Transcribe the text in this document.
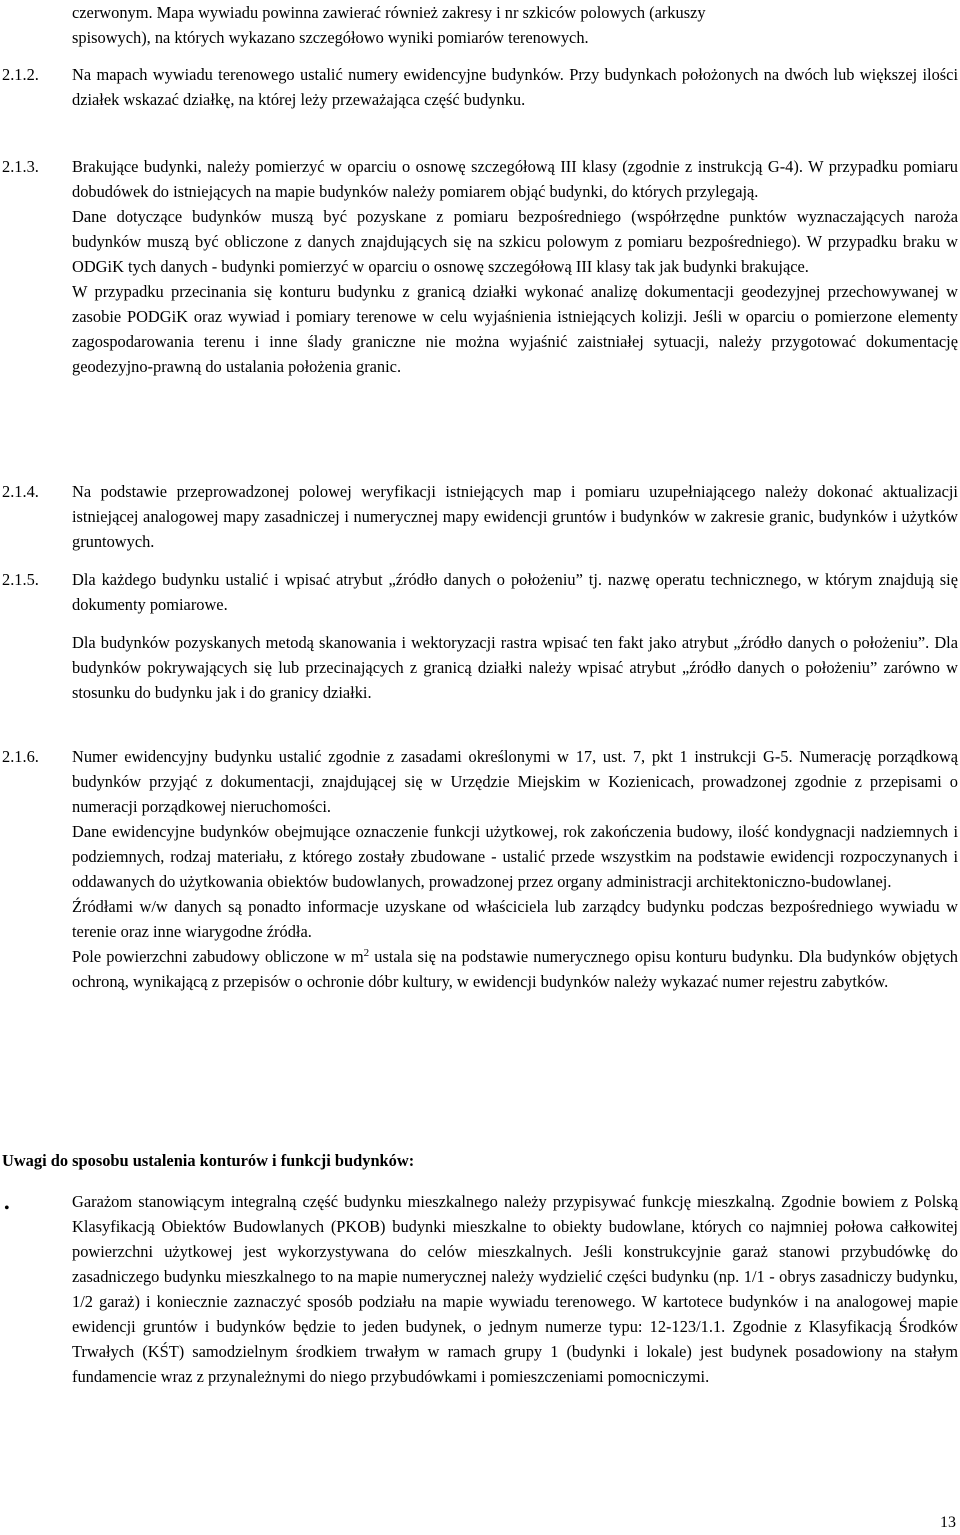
czerwonym. Mapa wywiadu powinna zawierać również zakresy i nr szkiców polowych (arkuszy

spisowych), na których wykazano szczegółowo wyniki pomiarów terenowych.

2.1.2. Na mapach wywiadu terenowego ustalić numery ewidencyjne budynków. Przy budynkach położonych na dwóch lub większej ilości działek wskazać działkę, na której leży przeważająca część budynku.

2.1.3. Brakujące budynki, należy pomierzyć w oparciu o osnowę szczegółową III klasy (zgodnie z instrukcją G-4). W przypadku pomiaru dobudówek do istniejących na mapie budynków należy pomiarem objąć budynki, do których przylegają.

Dane dotyczące budynków muszą być pozyskane z pomiaru bezpośredniego (współrzędne punktów wyznaczających naroża budynków muszą być obliczone z danych znajdujących się na szkicu polowym z pomiaru bezpośredniego). W przypadku braku w ODGiK tych danych - budynki pomierzyć w oparciu o osnowę szczegółową III klasy tak jak budynki brakujące.

W przypadku przecinania się konturu budynku z granicą działki wykonać analizę dokumentacji geodezyjnej przechowywanej w zasobie PODGiK oraz wywiad i pomiary terenowe w celu wyjaśnienia istniejących kolizji. Jeśli w oparciu o pomierzone elementy zagospodarowania terenu i inne ślady graniczne nie można wyjaśnić zaistniałej sytuacji, należy przygotować dokumentację geodezyjno-prawną do ustalania położenia granic.

2.1.4. Na podstawie przeprowadzonej polowej weryfikacji istniejących map i pomiaru uzupełniającego należy dokonać aktualizacji istniejącej analogowej mapy zasadniczej i numerycznej mapy ewidencji gruntów i budynków w zakresie granic, budynków i użytków gruntowych.

2.1.5. Dla każdego budynku ustalić i wpisać atrybut „źródło danych o położeniu” tj. nazwę operatu technicznego, w którym znajdują się dokumenty pomiarowe.

Dla budynków pozyskanych metodą skanowania i wektoryzacji rastra wpisać ten fakt jako atrybut „źródło danych o położeniu”. Dla budynków pokrywających się lub przecinających z granicą działki należy wpisać atrybut „źródło danych o położeniu” zarówno w stosunku do budynku jak i do granicy działki.

2.1.6. Numer ewidencyjny budynku ustalić zgodnie z zasadami określonymi w 17, ust. 7, pkt 1 instrukcji G-5. Numerację porządkową budynków przyjąć z dokumentacji, znajdującej się w Urzędzie Miejskim w Kozienicach, prowadzonej zgodnie z przepisami o numeracji porządkowej nieruchomości.

Dane ewidencyjne budynków obejmujące oznaczenie funkcji użytkowej, rok zakończenia budowy, ilość kondygnacji nadziemnych i podziemnych, rodzaj materiału, z którego zostały zbudowane - ustalić przede wszystkim na podstawie ewidencji rozpoczynanych i oddawanych do użytkowania obiektów budowlanych, prowadzonej przez organy administracji architektoniczno-budowlanej.

Źródłami w/w danych są ponadto informacje uzyskane od właściciela lub zarządcy budynku podczas bezpośredniego wywiadu w terenie oraz inne wiarygodne źródła.

Pole powierzchni zabudowy obliczone w $m^2$ ustala się na podstawie numerycznego opisu konturu budynku. Dla budynków objętych ochroną, wynikającą z przepisów o ochronie dóbr kultury, w ewidencji budynków należy wykazać numer rejestru zabytków.

Uwagi do sposobu ustalenia konturów i funkcji budynków:
•	Garażom stanowiącym integralną część budynku mieszkalnego należy przypisywać funkcję mieszkalną. Zgodnie bowiem z Polską Klasyfikacją Obiektów Budowlanych (PKOB) budynki mieszkalne to obiekty budowlane, których co najmniej połowa całkowitej powierzchni użytkowej jest wykorzystywana do celów mieszkalnych. Jeśli konstrukcyjnie garaż stanowi przybudówkę do zasadniczego budynku mieszkalnego to na mapie numerycznej należy wydzielić części budynku (np. 1/1 - obrys zasadniczy budynku, 1/2 garaż) i koniecznie zaznaczyć sposób podziału na mapie wywiadu terenowego. W kartotece budynków i na analogowej mapie ewidencji gruntów i budynków będzie to jeden budynek, o jednym numerze typu: 12-123/1.1. Zgodnie z Klasyfikacją Środków Trwałych (KŚT) samodzielnym środkiem trwałym w ramach grupy 1 (budynki i lokale) jest budynek posadowiony na stałym fundamencie wraz z przynależnymi do niego przybudówkami i pomieszczeniami pomocniczymi.

13
